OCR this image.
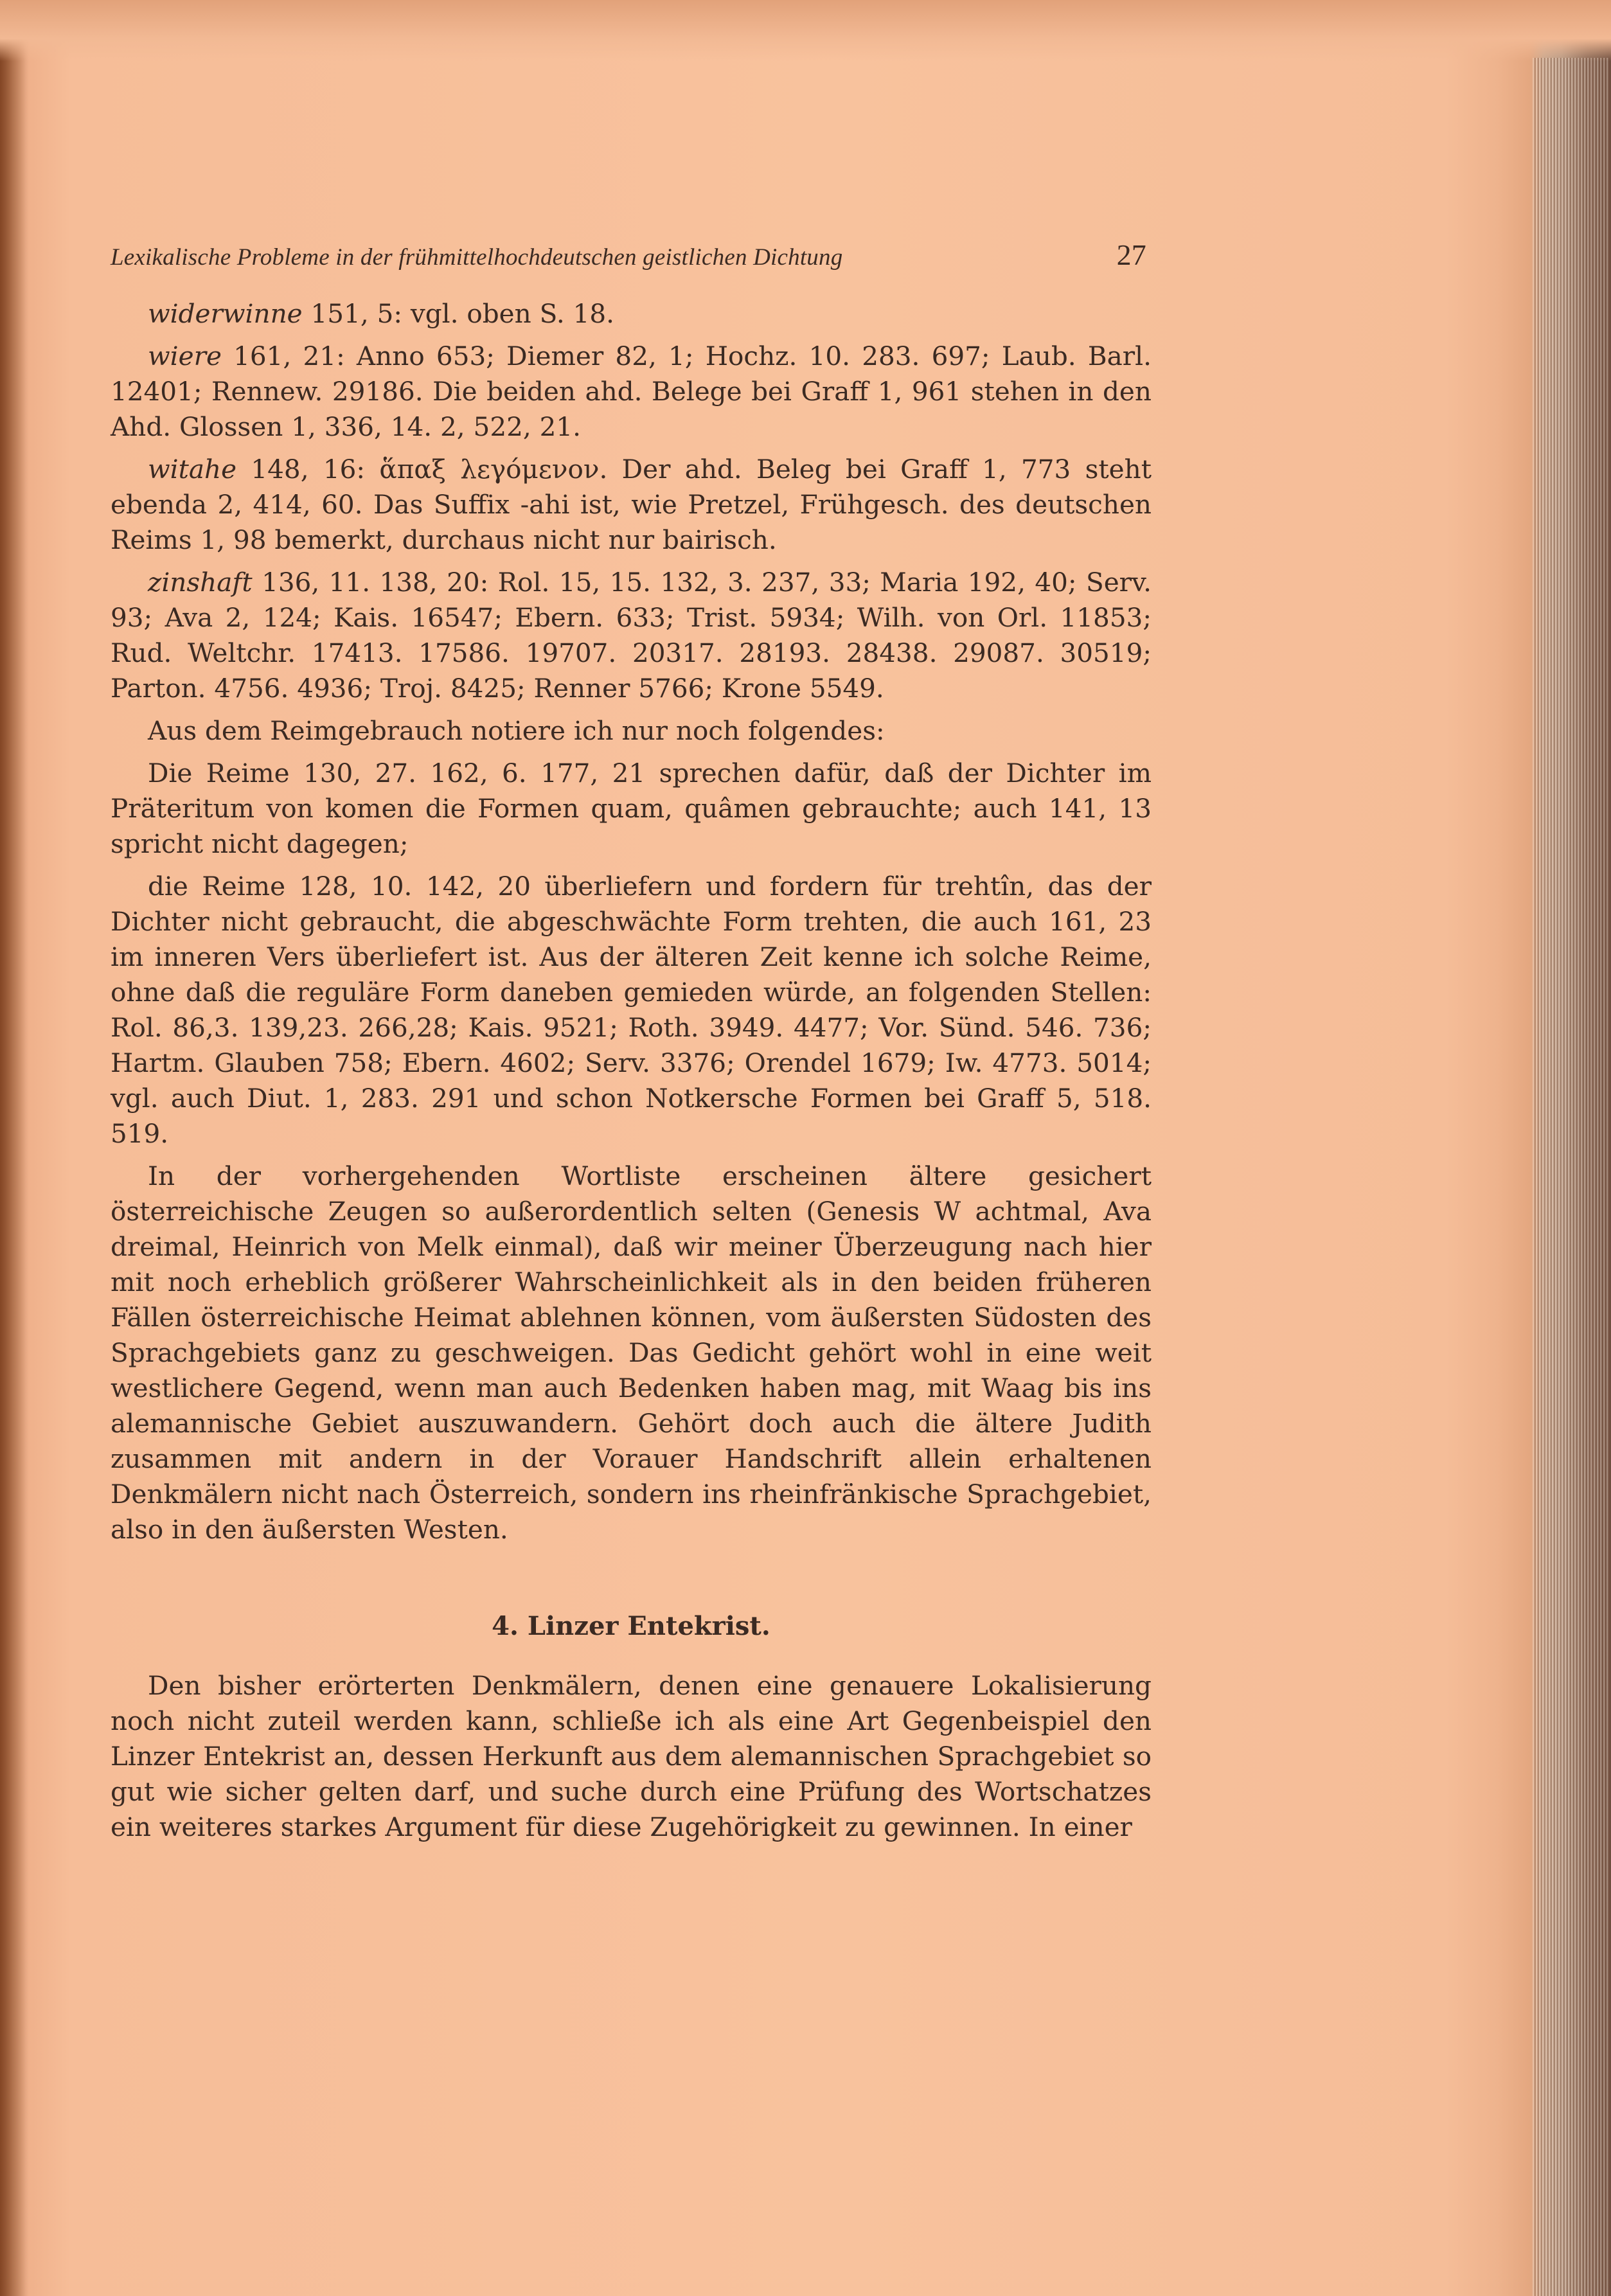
Lexikalische Probleme in der frühmittelhochdeutschen geistlichen Dichtung	27

widerwinne 151, 5: vgl. oben S. 18.

wiere 161, 21: Anno 653; Diemer 82, 1; Hochz. 10. 283. 697; Laub. Barl. 12401; Rennew. 29186. Die beiden ahd. Belege bei Graff 1, 961 stehen in den Ahd. Glossen 1, 336, 14. 2, 522, 21.

witahe 148, 16: ἅπαξ λεγόμενον. Der ahd. Beleg bei Graff 1, 773 steht ebenda 2, 414, 60. Das Suffix -ahi ist, wie Pretzel, Frühgesch. des deutschen Reims 1, 98 bemerkt, durchaus nicht nur bairisch.

zinshaft 136, 11. 138, 20: Rol. 15, 15. 132, 3. 237, 33; Maria 192, 40; Serv. 93; Ava 2, 124; Kais. 16547; Ebern. 633; Trist. 5934; Wilh. von Orl. 11853; Rud. Weltchr. 17413. 17586. 19707. 20317. 28193. 28438. 29087. 30519; Parton. 4756. 4936; Troj. 8425; Renner 5766; Krone 5549.

Aus dem Reimgebrauch notiere ich nur noch folgendes:

Die Reime 130, 27. 162, 6. 177, 21 sprechen dafür, daß der Dichter im Präteritum von komen die Formen quam, quâmen gebrauchte; auch 141, 13 spricht nicht dagegen;

die Reime 128, 10. 142, 20 überliefern und fordern für trehtîn, das der Dichter nicht gebraucht, die abgeschwächte Form trehten, die auch 161, 23 im inneren Vers überliefert ist. Aus der älteren Zeit kenne ich solche Reime, ohne daß die reguläre Form daneben gemieden würde, an folgenden Stellen: Rol. 86,3. 139,23. 266,28; Kais. 9521; Roth. 3949. 4477; Vor. Sünd. 546. 736; Hartm. Glauben 758; Ebern. 4602; Serv. 3376; Orendel 1679; Iw. 4773. 5014; vgl. auch Diut. 1, 283. 291 und schon Notkersche Formen bei Graff 5, 518. 519.

In der vorhergehenden Wortliste erscheinen ältere gesichert österreichische Zeugen so außerordentlich selten (Genesis W achtmal, Ava dreimal, Heinrich von Melk einmal), daß wir meiner Überzeugung nach hier mit noch erheblich größerer Wahrscheinlichkeit als in den beiden früheren Fällen österreichische Heimat ablehnen können, vom äußersten Südosten des Sprachgebiets ganz zu geschweigen. Das Gedicht gehört wohl in eine weit westlichere Gegend, wenn man auch Bedenken haben mag, mit Waag bis ins alemannische Gebiet auszuwandern. Gehört doch auch die ältere Judith zusammen mit andern in der Vorauer Handschrift allein erhaltenen Denkmälern nicht nach Österreich, sondern ins rheinfränkische Sprachgebiet, also in den äußersten Westen.

4. Linzer Entekrist.

Den bisher erörterten Denkmälern, denen eine genauere Lokalisierung noch nicht zuteil werden kann, schließe ich als eine Art Gegenbeispiel den Linzer Entekrist an, dessen Herkunft aus dem alemannischen Sprachgebiet so gut wie sicher gelten darf, und suche durch eine Prüfung des Wortschatzes ein weiteres starkes Argument für diese Zugehörigkeit zu gewinnen. In einer
